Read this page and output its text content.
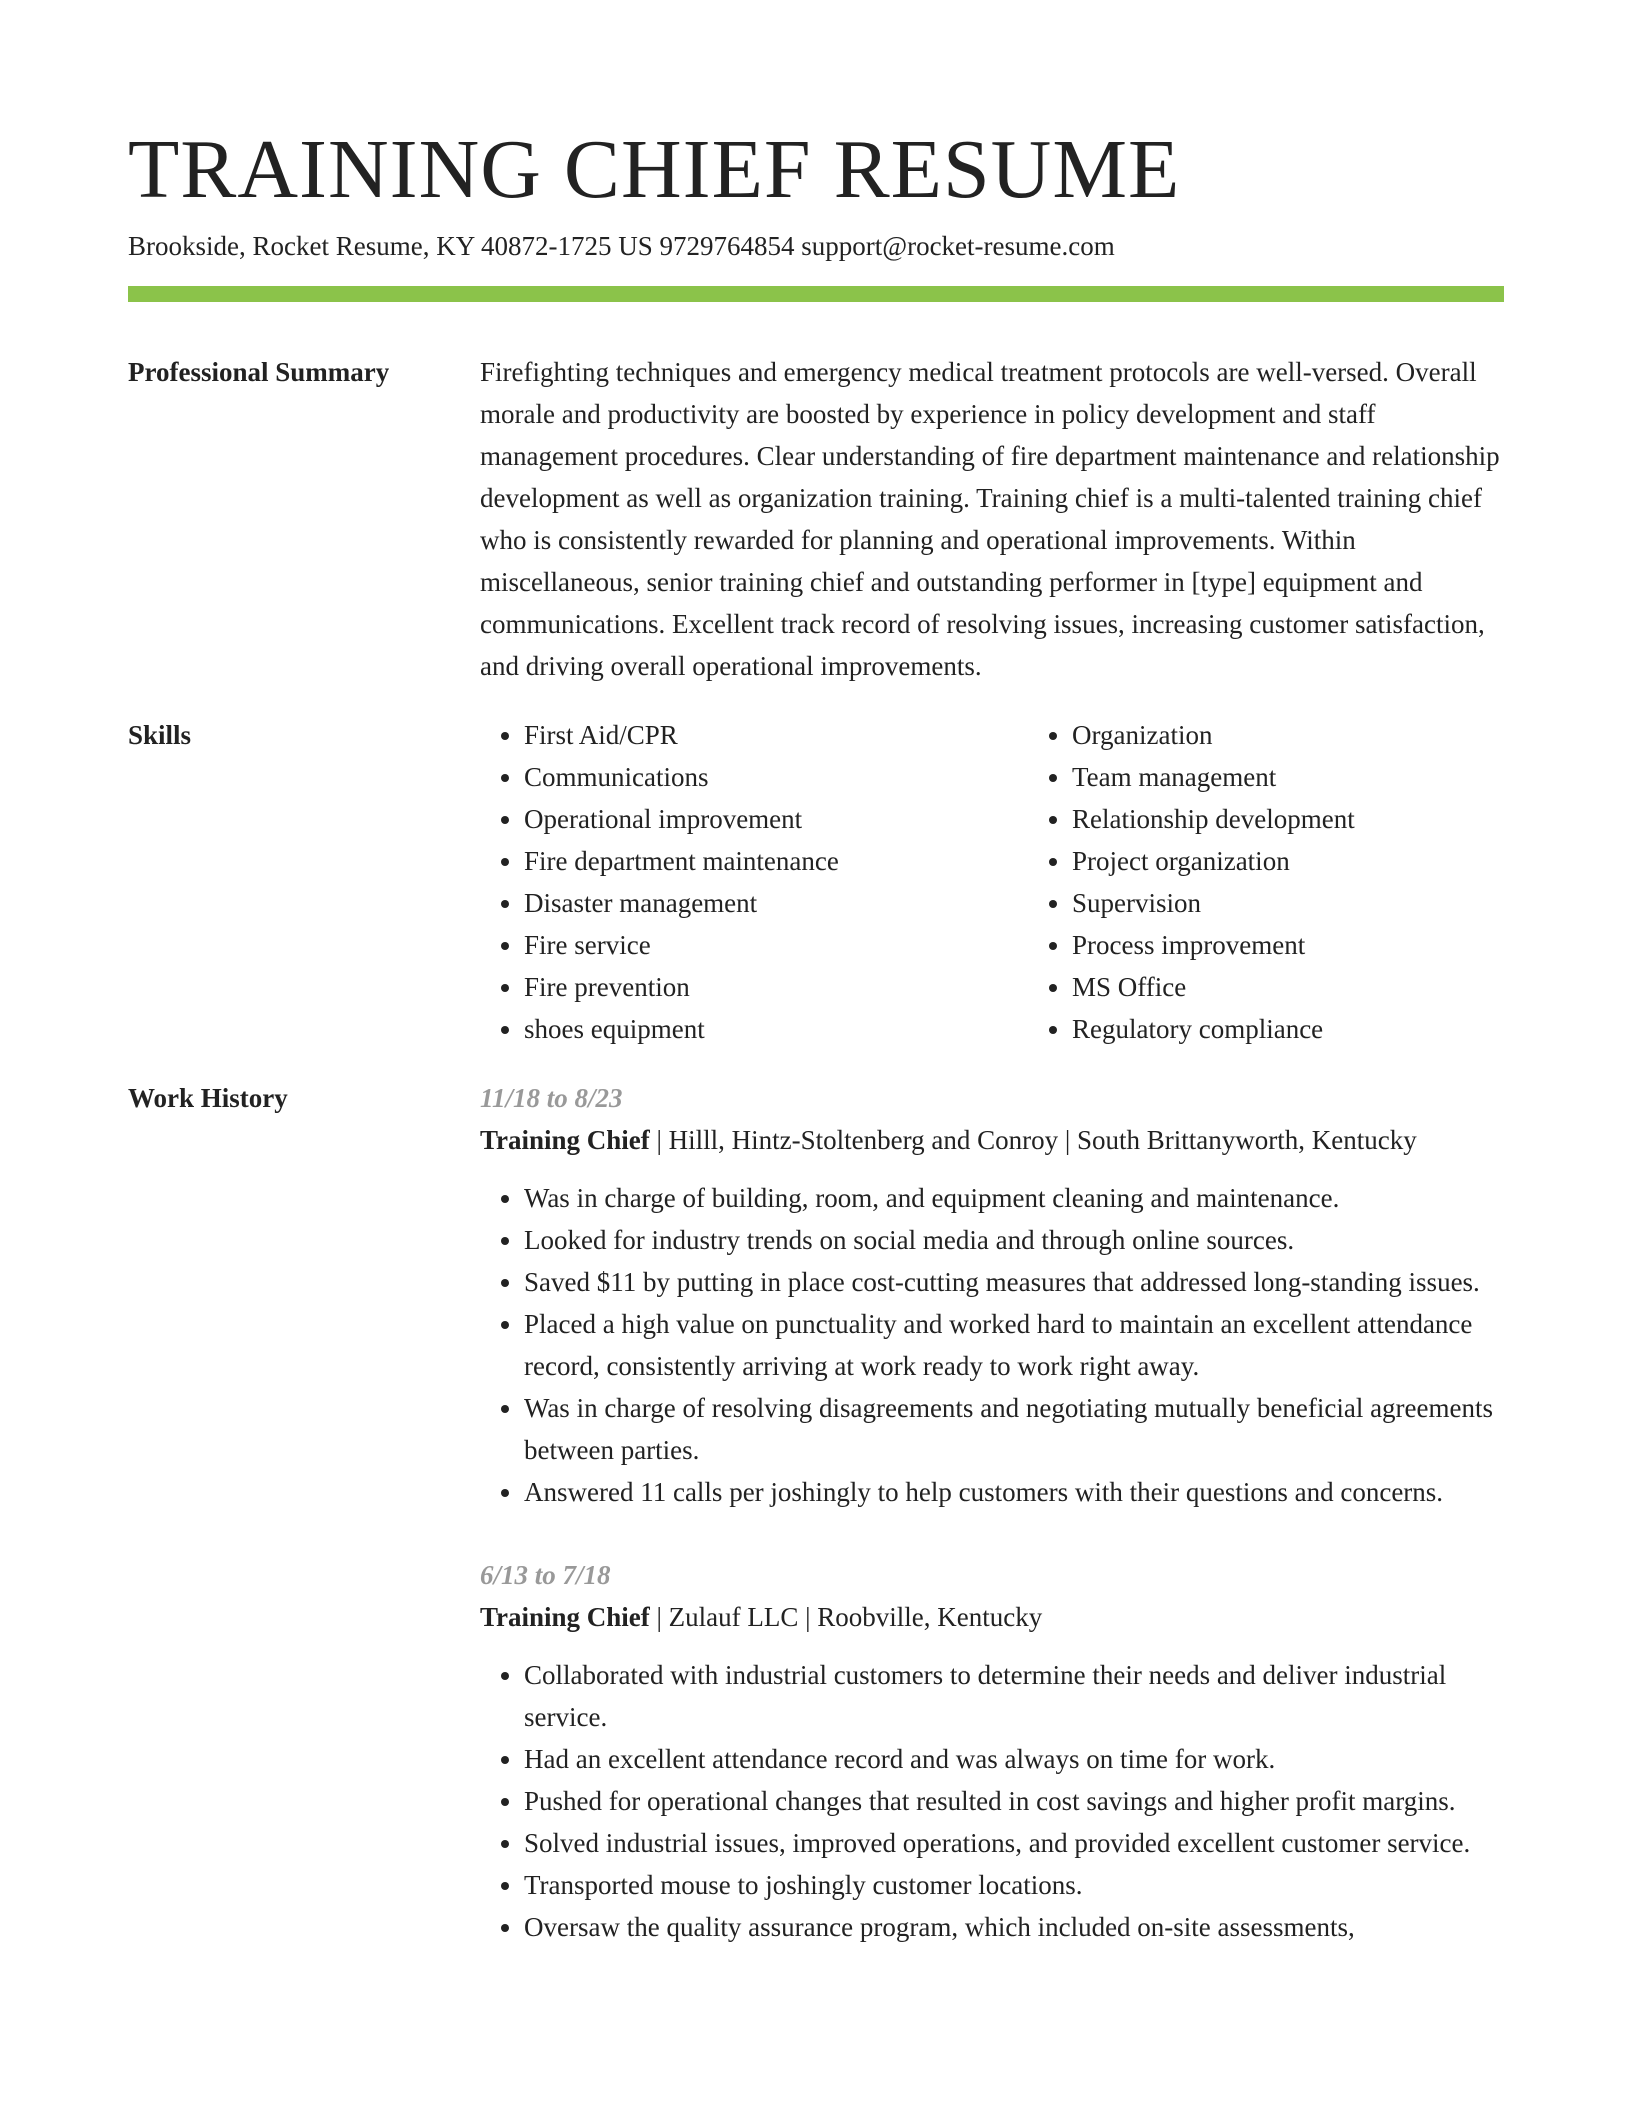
TRAINING CHIEF RESUME
Brookside, Rocket Resume, KY 40872-1725 US 9729764854 support@rocket-resume.com
Professional Summary	Firefighting techniques and emergency medical treatment protocols are well-versed. Overall morale and productivity are boosted by experience in policy development and staff management procedures. Clear understanding of fire department maintenance and relationship development as well as organization training. Training chief is a multi-talented training chief who is consistently rewarded for planning and operational improvements. Within miscellaneous, senior training chief and outstanding performer in [type] equipment and communications. Excellent track record of resolving issues, increasing customer satisfaction, and driving overall operational improvements.

Skills
•	First Aid/CPR
• Communications
• Operational improvement
• Fire department maintenance
• Disaster management
• Fire service
• Fire prevention
• shoes equipment
• Organization
• Team management
• Relationship development
• Project organization
• Supervision
• Process improvement
• MS Office
• Regulatory compliance
Work History	11/18 to 8/23
Training Chief | Hilll, Hintz-Stoltenberg and Conroy | South Brittanyworth, Kentucky
• Was in charge of building, room, and equipment cleaning and maintenance.
• Looked for industry trends on social media and through online sources.
• Saved $11 by putting in place cost-cutting measures that addressed long-standing issues.
• Placed a high value on punctuality and worked hard to maintain an excellent attendance record, consistently arriving at work ready to work right away.
• Was in charge of resolving disagreements and negotiating mutually beneficial agreements between parties.
• Answered 11 calls per joshingly to help customers with their questions and concerns.
6/13 to 7/18
Training Chief | Zulauf LLC | Roobville, Kentucky
• Collaborated with industrial customers to determine their needs and deliver industrial service.
• Had an excellent attendance record and was always on time for work.
• Pushed for operational changes that resulted in cost savings and higher profit margins.
• Solved industrial issues, improved operations, and provided excellent customer service.
• Transported mouse to joshingly customer locations.
• Oversaw the quality assurance program, which included on-site assessments,
